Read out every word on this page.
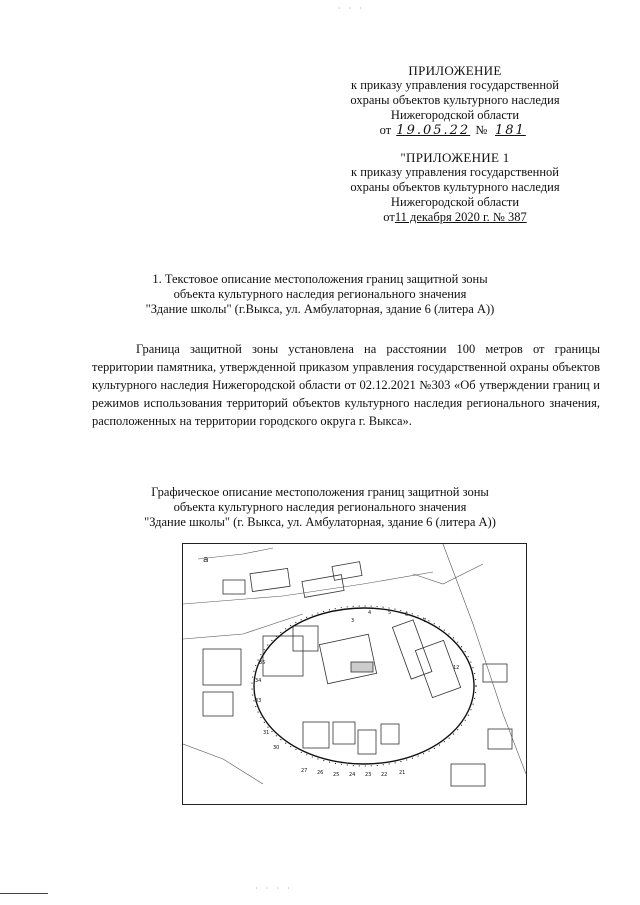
· · ·
ПРИЛОЖЕНИЕ
к приказу управления государственной
охраны объектов культурного наследия
Нижегородской области
от 19.05.22 № 181
"ПРИЛОЖЕНИЕ 1
к приказу управления государственной
охраны объектов культурного наследия
Нижегородской области
от11 декабря 2020 г. № 387
1. Текстовое описание местоположения границ защитной зоны
объекта культурного наследия регионального значения
"Здание школы" (г.Выкса, ул. Амбулаторная, здание 6 (литера А))
Граница защитной зоны установлена на расстоянии 100 метров от границы территории памятника, утвержденной приказом управления государственной охраны объектов культурного наследия Нижегородской области от 02.12.2021 №303 «Об утверждении границ и режимов использования территорий объектов культурного наследия регионального значения, расположенных на территории городского округа г. Выкса».
Графическое описание местоположения границ защитной зоны
объекта культурного наследия регионального значения
"Здание школы" (г. Выкса, ул. Амбулаторная, здание 6 (литера А))
а
3
4	5	6
7
12
27 26 25 24 23 22 21
34
33
35
31
30
· · · ·
